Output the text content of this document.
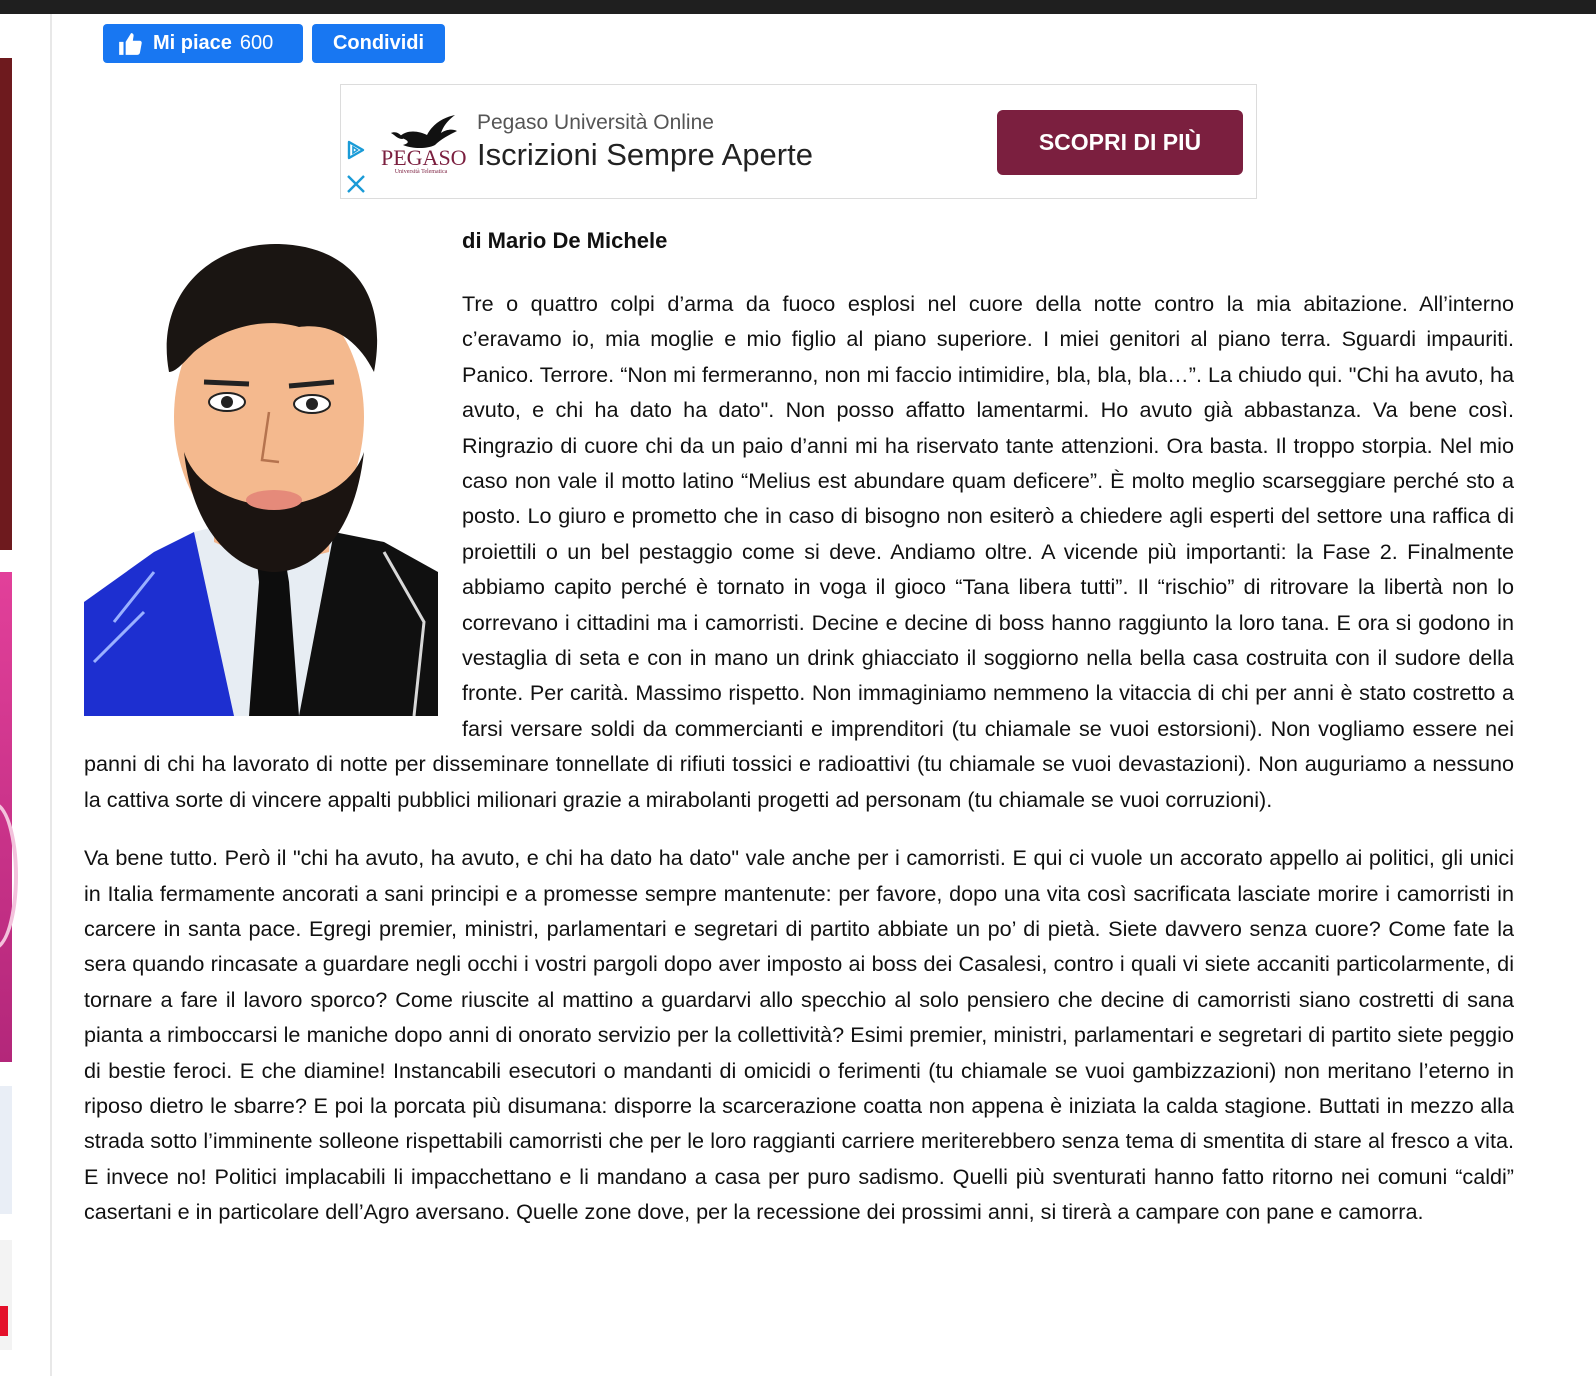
Mi piace 600	Condividi
PEGASO
Università Telematica
Pegaso Università Online
Iscrizioni Sempre Aperte	SCOPRI DI PIÙ
di Mario De Michele

Tre o quattro colpi d’arma da fuoco esplosi nel cuore della notte contro la mia abitazione. All’interno c’eravamo io, mia moglie e mio figlio al piano superiore. I miei genitori al piano terra. Sguardi impauriti. Panico. Terrore. “Non mi fermeranno, non mi faccio intimidire, bla, bla, bla…”. La chiudo qui. "Chi ha avuto, ha avuto, e chi ha dato ha dato". Non posso affatto lamentarmi. Ho avuto già abbastanza. Va bene così. Ringrazio di cuore chi da un paio d’anni mi ha riservato tante attenzioni. Ora basta. Il troppo storpia. Nel mio caso non vale il motto latino “Melius est abundare quam deficere”. È molto meglio scarseggiare perché sto a posto. Lo giuro e prometto che in caso di bisogno non esiterò a chiedere agli esperti del settore una raffica di proiettili o un bel pestaggio come si deve. Andiamo oltre. A vicende più importanti: la Fase 2. Finalmente abbiamo capito perché è tornato in voga il gioco “Tana libera tutti”. Il “rischio” di ritrovare la libertà non lo correvano i cittadini ma i camorristi. Decine e decine di boss hanno raggiunto la loro tana. E ora si godono in vestaglia di seta e con in mano un drink ghiacciato il soggiorno nella bella casa costruita con il sudore della fronte. Per carità. Massimo rispetto. Non immaginiamo nemmeno la vitaccia di chi per anni è stato costretto a farsi versare soldi da commercianti e imprenditori (tu chiamale se vuoi estorsioni). Non vogliamo essere nei panni di chi ha lavorato di notte per disseminare tonnellate di rifiuti tossici e radioattivi (tu chiamale se vuoi devastazioni). Non auguriamo a nessuno la cattiva sorte di vincere appalti pubblici milionari grazie a mirabolanti progetti ad personam (tu chiamale se vuoi corruzioni).

Va bene tutto. Però il "chi ha avuto, ha avuto, e chi ha dato ha dato" vale anche per i camorristi. E qui ci vuole un accorato appello ai politici, gli unici in Italia fermamente ancorati a sani principi e a promesse sempre mantenute: per favore, dopo una vita così sacrificata lasciate morire i camorristi in carcere in santa pace. Egregi premier, ministri, parlamentari e segretari di partito abbiate un po’ di pietà. Siete davvero senza cuore? Come fate la sera quando rincasate a guardare negli occhi i vostri pargoli dopo aver imposto ai boss dei Casalesi, contro i quali vi siete accaniti particolarmente, di tornare a fare il lavoro sporco? Come riuscite al mattino a guardarvi allo specchio al solo pensiero che decine di camorristi siano costretti di sana pianta a rimboccarsi le maniche dopo anni di onorato servizio per la collettività? Esimi premier, ministri, parlamentari e segretari di partito siete peggio di bestie feroci. E che diamine! Instancabili esecutori o mandanti di omicidi o ferimenti (tu chiamale se vuoi gambizzazioni) non meritano l’eterno in riposo dietro le sbarre? E poi la porcata più disumana: disporre la scarcerazione coatta non appena è iniziata la calda stagione. Buttati in mezzo alla strada sotto l’imminente solleone rispettabili camorristi che per le loro raggianti carriere meriterebbero senza tema di smentita di stare al fresco a vita. E invece no! Politici implacabili li impacchettano e li mandano a casa per puro sadismo. Quelli più sventurati hanno fatto ritorno nei comuni “caldi” casertani e in particolare dell’Agro aversano. Quelle zone dove, per la recessione dei prossimi anni, si tirerà a campare con pane e camorra.
